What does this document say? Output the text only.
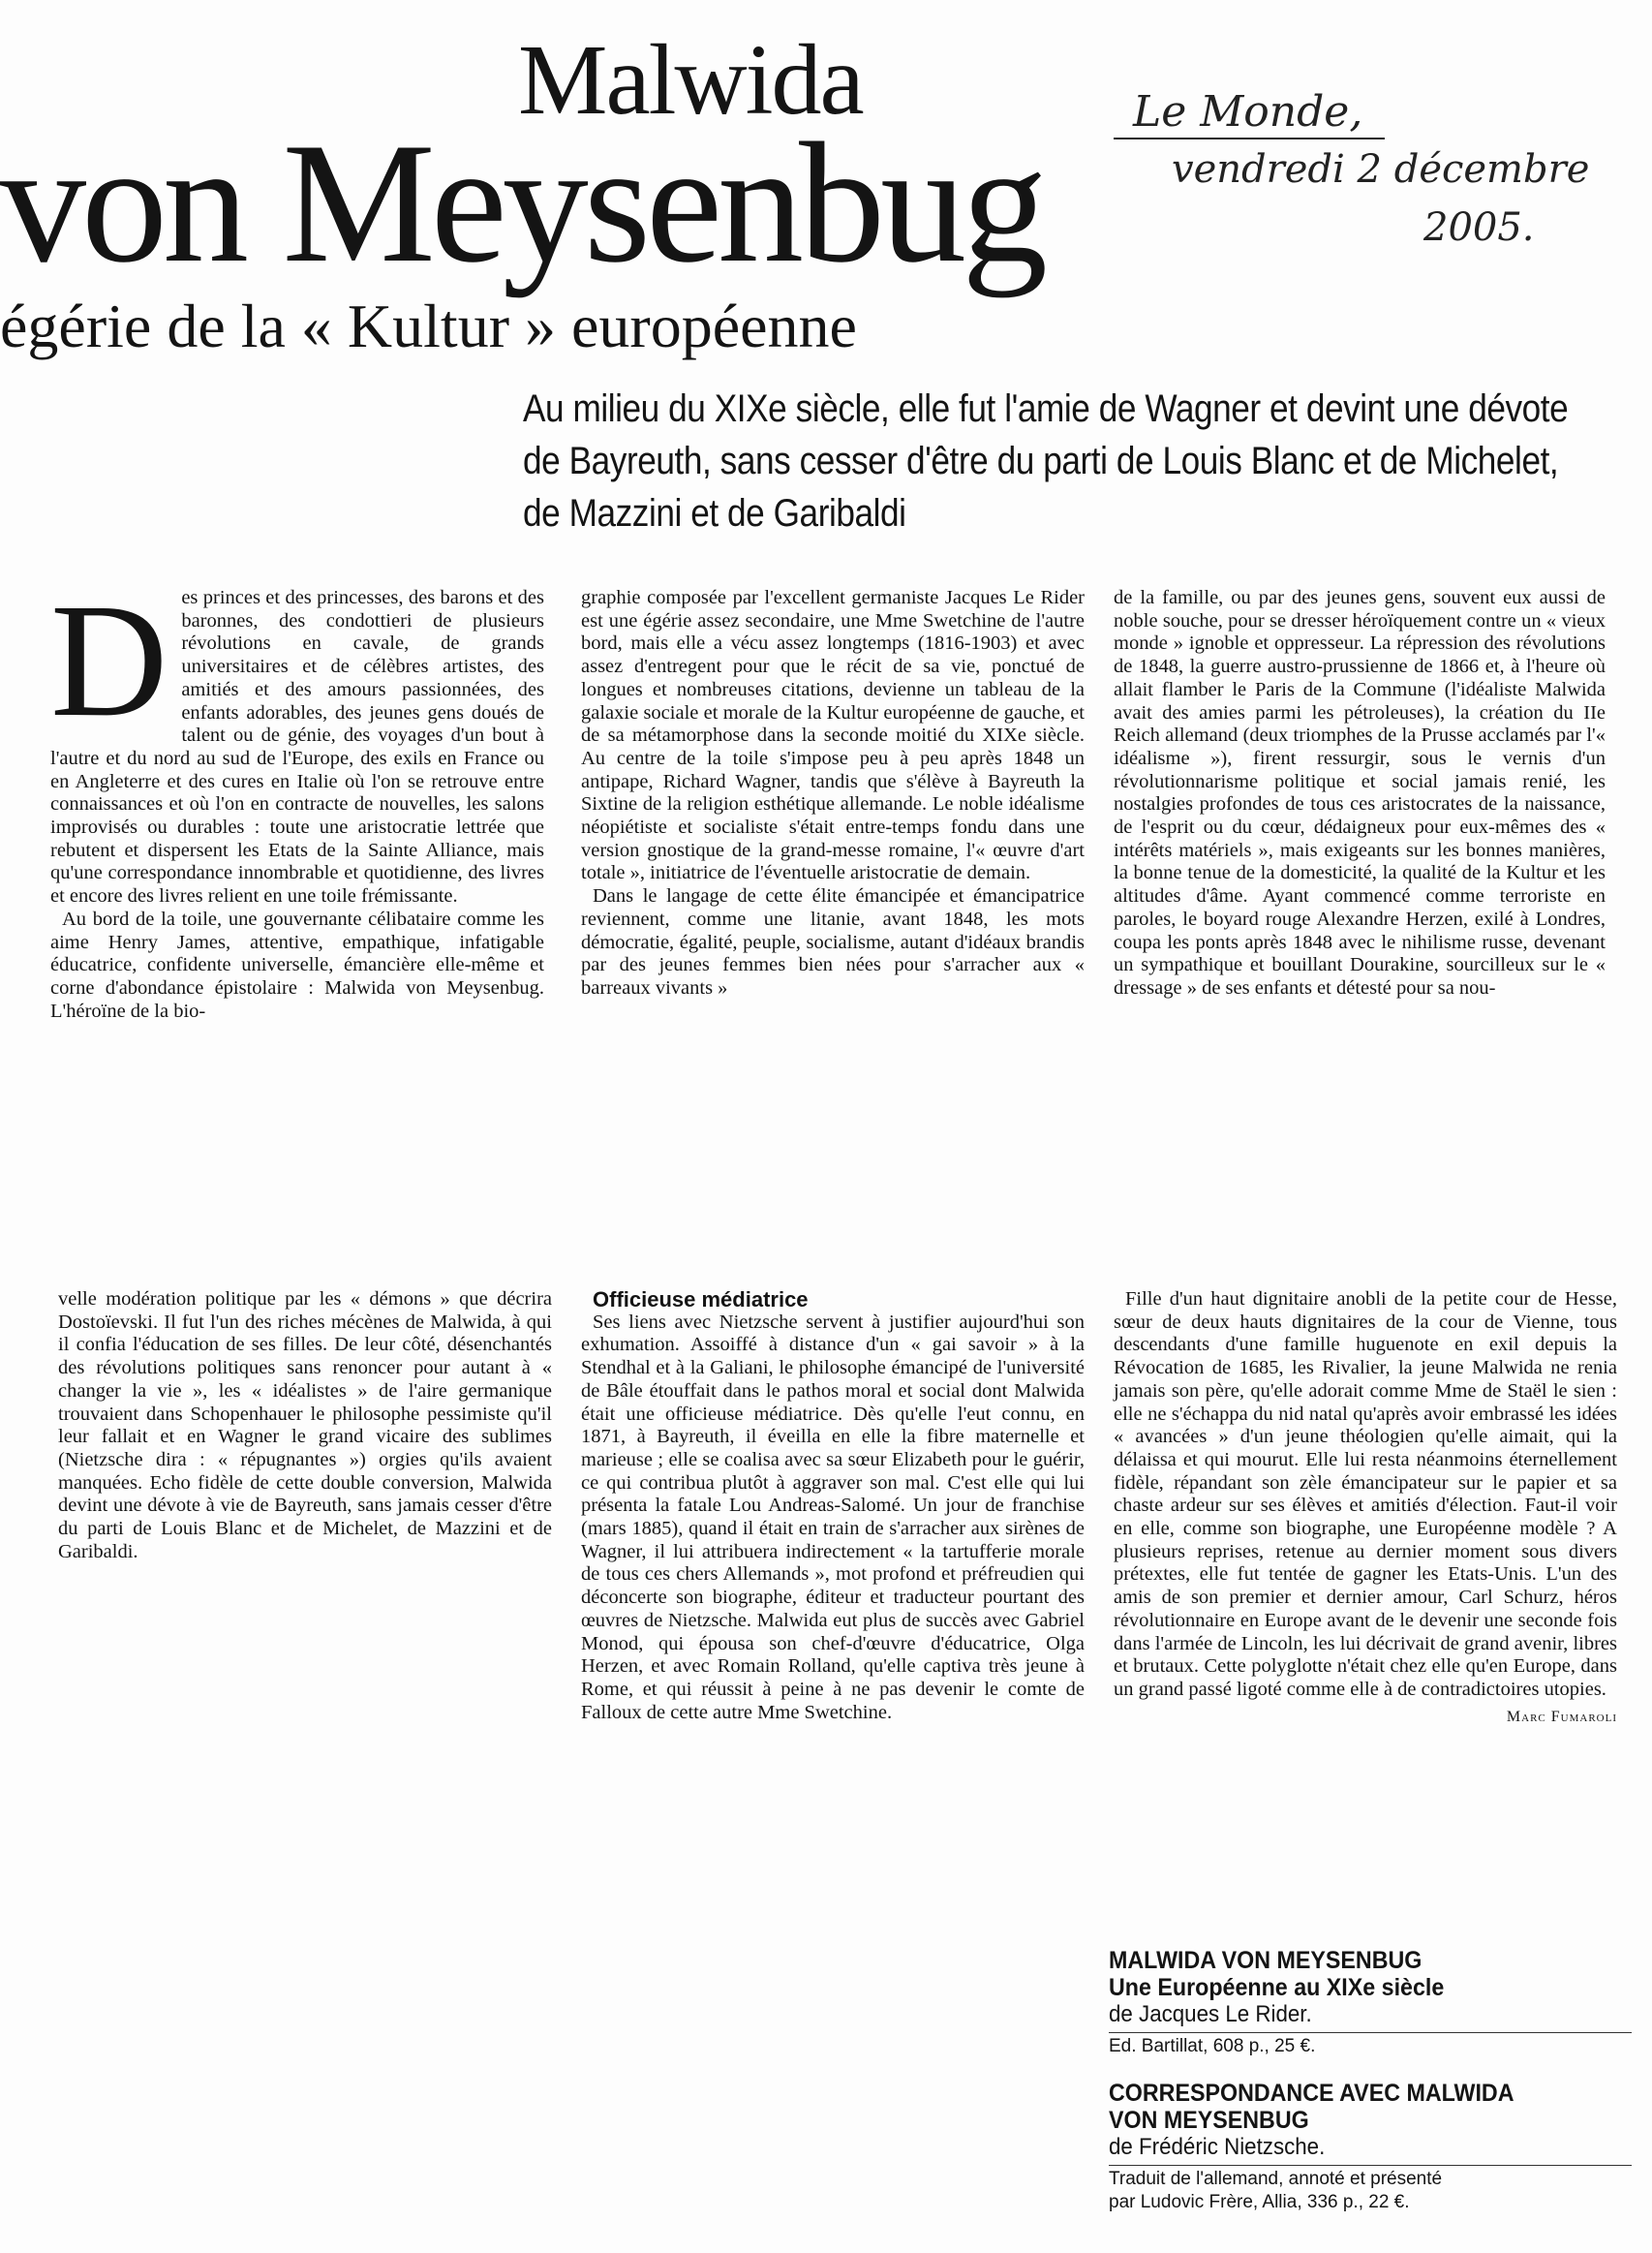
Malwida
von Meysenbug
égérie de la « Kultur » européenne
Le Monde,
vendredi 2 décembre
2005.
Au milieu du XIXe siècle, elle fut l'amie de Wagner et devint une dévote de Bayreuth, sans cesser d'être du parti de Louis Blanc et de Michelet, de Mazzini et de Garibaldi
D es princes et des princesses, des barons et des baronnes, des condottieri de plusieurs révolutions en cavale, de grands universitaires et de célèbres artistes, des amitiés et des amours passionnées, des enfants adorables, des jeunes gens doués de talent ou de génie, des voyages d'un bout à l'autre et du nord au sud de l'Europe, des exils en France ou en Angleterre et des cures en Italie où l'on se retrouve entre connaissances et où l'on en contracte de nouvelles, les salons improvisés ou durables : toute une aristocratie lettrée que rebutent et dispersent les Etats de la Sainte Alliance, mais qu'une correspondance innombrable et quotidienne, des livres et encore des livres relient en une toile frémissante.

Au bord de la toile, une gouvernante célibataire comme les aime Henry James, attentive, empathique, infatigable éducatrice, confidente universelle, émancière elle-même et corne d'abondance épistolaire : Malwida von Meysenbug. L'héroïne de la bio-

graphie composée par l'excellent germaniste Jacques Le Rider est une égérie assez secondaire, une Mme Swetchine de l'autre bord, mais elle a vécu assez longtemps (1816-1903) et avec assez d'entregent pour que le récit de sa vie, ponctué de longues et nombreuses citations, devienne un tableau de la galaxie sociale et morale de la Kultur européenne de gauche, et de sa métamorphose dans la seconde moitié du XIXe siècle. Au centre de la toile s'impose peu à peu après 1848 un antipape, Richard Wagner, tandis que s'élève à Bayreuth la Sixtine de la religion esthétique allemande. Le noble idéalisme néopiétiste et socialiste s'était entre-temps fondu dans une version gnostique de la grand-messe romaine, l'« œuvre d'art totale », initiatrice de l'éventuelle aristocratie de demain.

Dans le langage de cette élite émancipée et émancipatrice reviennent, comme une litanie, avant 1848, les mots démocratie, égalité, peuple, socialisme, autant d'idéaux brandis par des jeunes femmes bien nées pour s'arracher aux « barreaux vivants »

de la famille, ou par des jeunes gens, souvent eux aussi de noble souche, pour se dresser héroïquement contre un « vieux monde » ignoble et oppresseur. La répression des révolutions de 1848, la guerre austro-prussienne de 1866 et, à l'heure où allait flamber le Paris de la Commune (l'idéaliste Malwida avait des amies parmi les pétroleuses), la création du IIe Reich allemand (deux triomphes de la Prusse acclamés par l'« idéalisme »), firent ressurgir, sous le vernis d'un révolutionnarisme politique et social jamais renié, les nostalgies profondes de tous ces aristocrates de la naissance, de l'esprit ou du cœur, dédaigneux pour eux-mêmes des « intérêts matériels », mais exigeants sur les bonnes manières, la bonne tenue de la domesticité, la qualité de la Kultur et les altitudes d'âme. Ayant commencé comme terroriste en paroles, le boyard rouge Alexandre Herzen, exilé à Londres, coupa les ponts après 1848 avec le nihilisme russe, devenant un sympathique et bouillant Dourakine, sourcilleux sur le « dressage » de ses enfants et détesté pour sa nou-

velle modération politique par les « démons » que décrira Dostoïevski. Il fut l'un des riches mécènes de Malwida, à qui il confia l'éducation de ses filles. De leur côté, désenchantés des révolutions politiques sans renoncer pour autant à « changer la vie », les « idéalistes » de l'aire germanique trouvaient dans Schopenhauer le philosophe pessimiste qu'il leur fallait et en Wagner le grand vicaire des sublimes (Nietzsche dira : « répugnantes ») orgies qu'ils avaient manquées. Echo fidèle de cette double conversion, Malwida devint une dévote à vie de Bayreuth, sans jamais cesser d'être du parti de Louis Blanc et de Michelet, de Mazzini et de Garibaldi.

Officieuse médiatrice

Ses liens avec Nietzsche servent à justifier aujourd'hui son exhumation. Assoiffé à distance d'un « gai savoir » à la Stendhal et à la Galiani, le philosophe émancipé de l'université de Bâle étouffait dans le pathos moral et social dont Malwida était une officieuse médiatrice. Dès qu'elle l'eut connu, en 1871, à Bayreuth, il éveilla en elle la fibre maternelle et marieuse ; elle se coalisa avec sa sœur Elizabeth pour le guérir, ce qui contribua plutôt à aggraver son mal. C'est elle qui lui présenta la fatale Lou Andreas-Salomé. Un jour de franchise (mars 1885), quand il était en train de s'arracher aux sirènes de Wagner, il lui attribuera indirectement « la tartufferie morale de tous ces chers Allemands », mot profond et préfreudien qui déconcerte son biographe, éditeur et traducteur pourtant des œuvres de Nietzsche. Malwida eut plus de succès avec Gabriel Monod, qui épousa son chef-d'œuvre d'éducatrice, Olga Herzen, et avec Romain Rolland, qu'elle captiva très jeune à Rome, et qui réussit à peine à ne pas devenir le comte de Falloux de cette autre Mme Swetchine.

Fille d'un haut dignitaire anobli de la petite cour de Hesse, sœur de deux hauts dignitaires de la cour de Vienne, tous descendants d'une famille huguenote en exil depuis la Révocation de 1685, les Rivalier, la jeune Malwida ne renia jamais son père, qu'elle adorait comme Mme de Staël le sien : elle ne s'échappa du nid natal qu'après avoir embrassé les idées « avancées » d'un jeune théologien qu'elle aimait, qui la délaissa et qui mourut. Elle lui resta néanmoins éternellement fidèle, répandant son zèle émancipateur sur le papier et sa chaste ardeur sur ses élèves et amitiés d'élection. Faut-il voir en elle, comme son biographe, une Européenne modèle ? A plusieurs reprises, retenue au dernier moment sous divers prétextes, elle fut tentée de gagner les Etats-Unis. L'un des amis de son premier et dernier amour, Carl Schurz, héros révolutionnaire en Europe avant de le devenir une seconde fois dans l'armée de Lincoln, les lui décrivait de grand avenir, libres et brutaux. Cette polyglotte n'était chez elle qu'en Europe, dans un grand passé ligoté comme elle à de contradictoires utopies.

Marc Fumaroli
MALWIDA VON MEYSENBUG
Une Européenne au XIXe siècle
de Jacques Le Rider.
Ed. Bartillat, 608 p., 25 €.
CORRESPONDANCE AVEC MALWIDA
VON MEYSENBUG
de Frédéric Nietzsche.
Traduit de l'allemand, annoté et présenté
par Ludovic Frère, Allia, 336 p., 22 €.
